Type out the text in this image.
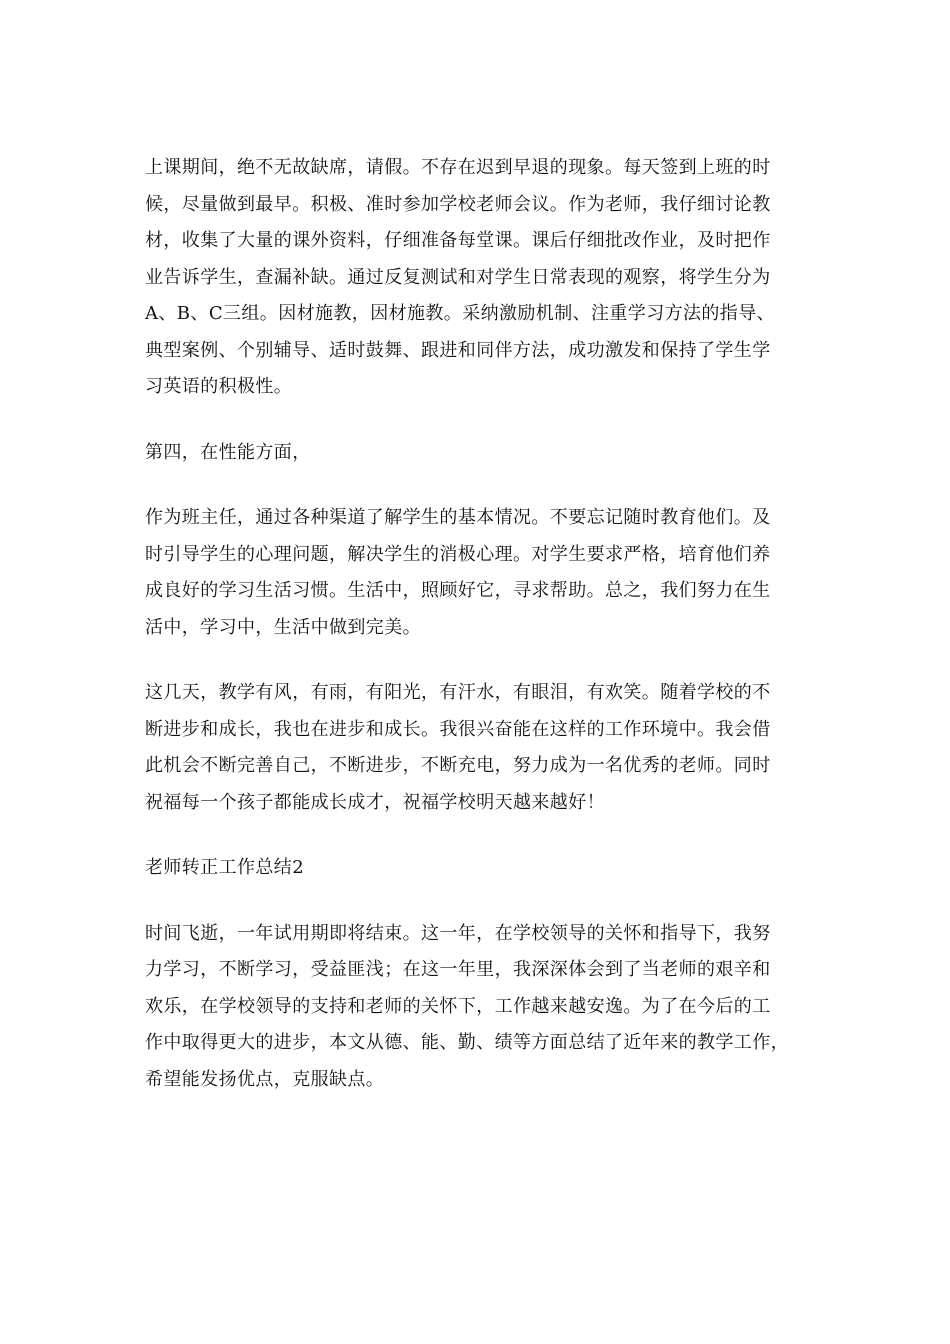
上课期间，绝不无故缺席，请假。不存在迟到早退的现象。每天签到上班的时
候，尽量做到最早。积极、准时参加学校老师会议。作为老师，我仔细讨论教
材，收集了大量的课外资料，仔细准备每堂课。课后仔细批改作业，及时把作
业告诉学生，查漏补缺。通过反复测试和对学生日常表现的观察，将学生分为
A、B、C三组。因材施教，因材施教。采纳激励机制、注重学习方法的指导、
典型案例、个别辅导、适时鼓舞、跟进和同伴方法，成功激发和保持了学生学
习英语的积极性。

第四，在性能方面，

作为班主任，通过各种渠道了解学生的基本情况。不要忘记随时教育他们。及
时引导学生的心理问题，解决学生的消极心理。对学生要求严格，培育他们养
成良好的学习生活习惯。生活中，照顾好它，寻求帮助。总之，我们努力在生
活中，学习中，生活中做到完美。

这几天，教学有风，有雨，有阳光，有汗水，有眼泪，有欢笑。随着学校的不
断进步和成长，我也在进步和成长。我很兴奋能在这样的工作环境中。我会借
此机会不断完善自己，不断进步，不断充电，努力成为一名优秀的老师。同时
祝福每一个孩子都能成长成才，祝福学校明天越来越好！

老师转正工作总结2

时间飞逝，一年试用期即将结束。这一年，在学校领导的关怀和指导下，我努
力学习，不断学习，受益匪浅；在这一年里，我深深体会到了当老师的艰辛和
欢乐，在学校领导的支持和老师的关怀下，工作越来越安逸。为了在今后的工
作中取得更大的进步，本文从德、能、勤、绩等方面总结了近年来的教学工作，
希望能发扬优点，克服缺点。
